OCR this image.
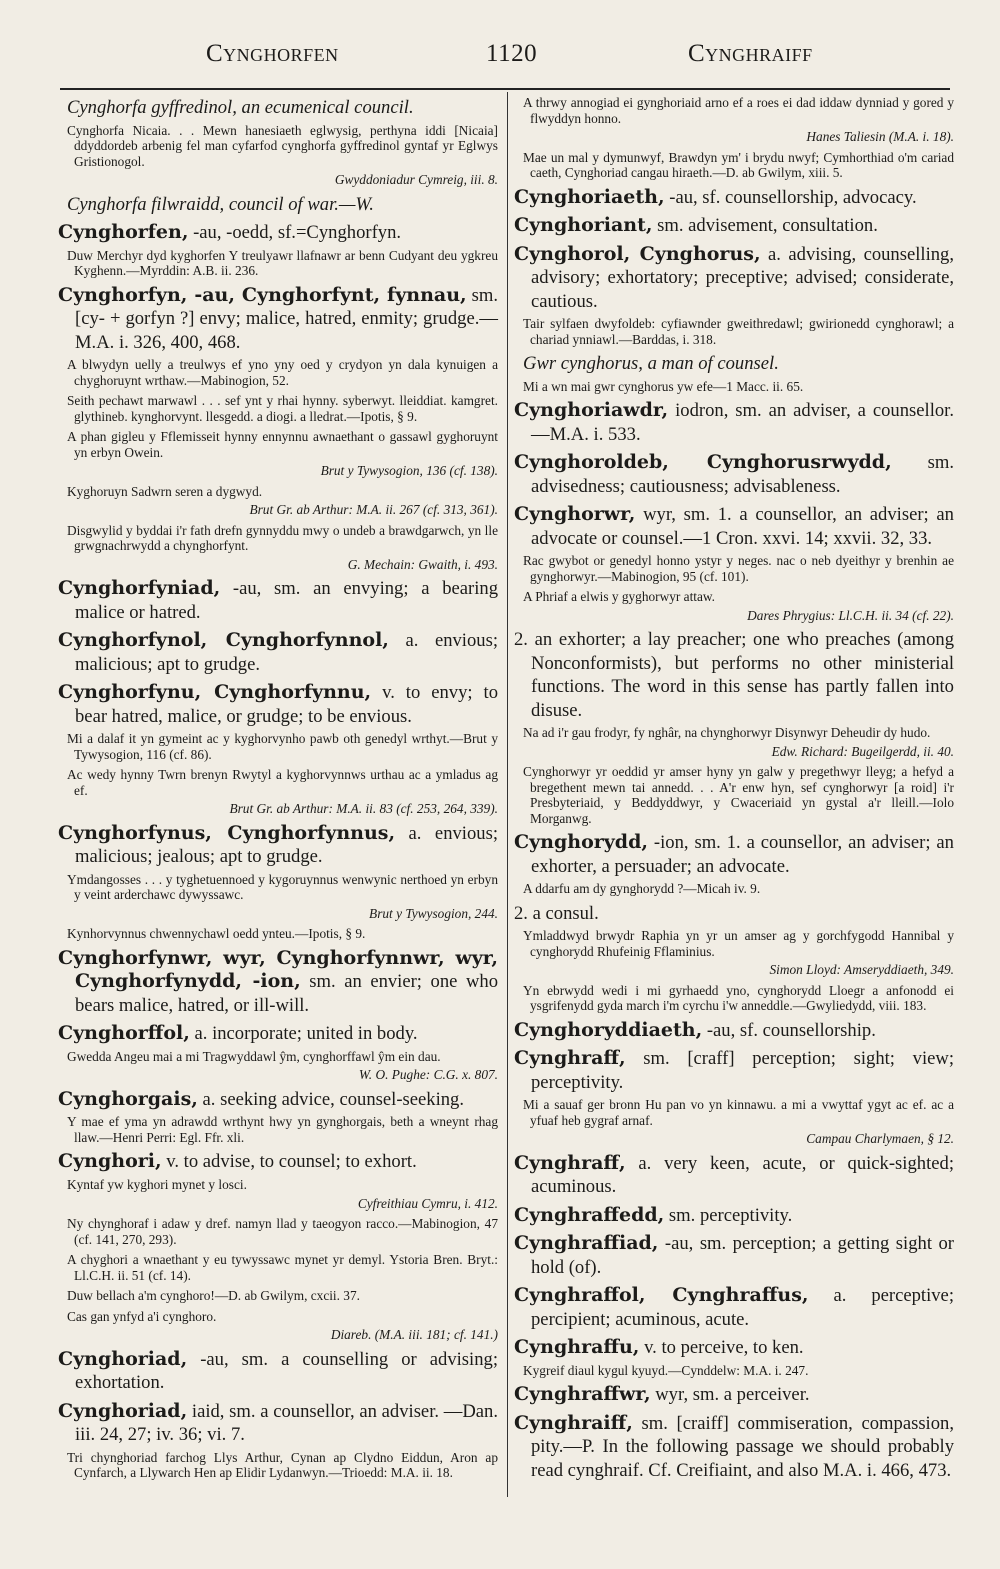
Cynghorfen	1120	Cynghraiff
Cynghorfa gyffredinol, an ecumenical council.
Cynghorfa Nicaia. . . Mewn hanesiaeth eglwysig, perthyna iddi [Nicaia] ddyddordeb arbenig fel man cyfarfod cynghorfa gyffredinol gyntaf yr Eglwys Gristionogol.
Gwyddoniadur Cymreig, iii. 8.
Cynghorfa filwraidd, council of war.—W.
Cynghorfen, -au, -oedd, sf.=Cynghorfyn.
Duw Merchyr dyd kyghorfen Y treulyawr llafnawr ar benn Cudyant deu ygkreu Kyghenn.—Myrddin: A.B. ii. 236.
Cynghorfyn, -au, Cynghorfynt, fynnau, sm. [cy- + gorfyn ?] envy; malice, hatred, enmity; grudge.—M.A. i. 326, 400, 468.
A blwydyn uelly a treulwys ef yno yny oed y crydyon yn dala kynuigen a chyghoruynt wrthaw.—Mabinogion, 52.
Seith pechawt marwawl . . . sef ynt y rhai hynny. syberwyt. lleiddiat. kamgret. glythineb. kynghorvynt. llesgedd. a diogi. a lledrat.—Ipotis, § 9.
A phan gigleu y Fflemisseit hynny ennynnu awnaethant o gassawl gyghoruynt yn erbyn Owein.
Brut y Tywysogion, 136 (cf. 138).
Kyghoruyn Sadwrn seren a dygwyd.
Brut Gr. ab Arthur: M.A. ii. 267 (cf. 313, 361).
Disgwylid y byddai i'r fath drefn gynnyddu mwy o undeb a brawdgarwch, yn lle grwgnachrwydd a chynghorfynt.
G. Mechain: Gwaith, i. 493.
Cynghorfyniad, -au, sm. an envying; a bearing malice or hatred.
Cynghorfynol, Cynghorfynnol, a. envious; malicious; apt to grudge.
Cynghorfynu, Cynghorfynnu, v. to envy; to bear hatred, malice, or grudge; to be envious.
Mi a dalaf it yn gymeint ac y kyghorvynho pawb oth genedyl wrthyt.—Brut y Tywysogion, 116 (cf. 86).
Ac wedy hynny Twrn brenyn Rwytyl a kyghorvynnws urthau ac a ymladus ag ef.
Brut Gr. ab Arthur: M.A. ii. 83 (cf. 253, 264, 339).
Cynghorfynus, Cynghorfynnus, a. envious; malicious; jealous; apt to grudge.
Ymdangosses . . . y tyghetuennoed y kygoruynnus wenwynic nerthoed yn erbyn y veint arderchawc dywyssawc.
Brut y Tywysogion, 244.
Kynhorvynnus chwennychawl oedd ynteu.—Ipotis, § 9.
Cynghorfynwr, wyr, Cynghorfynnwr, wyr, Cynghorfynydd, -ion, sm. an envier; one who bears malice, hatred, or ill-will.
Cynghorffol, a. incorporate; united in body.
Gwedda Angeu mai a mi Tragwyddawl ŷm, cynghorffawl ŷm ein dau.
W. O. Pughe: C.G. x. 807.
Cynghorgais, a. seeking advice, counsel-seeking.
Y mae ef yma yn adrawdd wrthynt hwy yn gynghorgais, beth a wneynt rhag llaw.—Henri Perri: Egl. Ffr. xli.
Cynghori, v. to advise, to counsel; to exhort.
Kyntaf yw kyghori mynet y losci.
Cyfreithiau Cymru, i. 412.
Ny chynghoraf i adaw y dref. namyn llad y taeogyon racco.—Mabinogion, 47 (cf. 141, 270, 293).
A chyghori a wnaethant y eu tywyssawc mynet yr demyl. Ystoria Bren. Bryt.: Ll.C.H. ii. 51 (cf. 14).
Duw bellach a'm cynghoro!—D. ab Gwilym, cxcii. 37.
Cas gan ynfyd a'i cynghoro.
Diareb. (M.A. iii. 181; cf. 141.)
Cynghoriad, -au, sm. a counselling or advising; exhortation.
Cynghoriad, iaid, sm. a counsellor, an adviser. —Dan. iii. 24, 27; iv. 36; vi. 7.
Tri chynghoriad farchog Llys Arthur, Cynan ap Clydno Eiddun, Aron ap Cynfarch, a Llywarch Hen ap Elidir Lydanwyn.—Trioedd: M.A. ii. 18.
A thrwy annogiad ei gynghoriaid arno ef a roes ei dad iddaw dynniad y gored y flwyddyn honno.
Hanes Taliesin (M.A. i. 18).
Mae un mal y dymunwyf, Brawdyn ym' i brydu nwyf; Cymhorthiad o'm cariad caeth, Cynghoriad cangau hiraeth.—D. ab Gwilym, xiii. 5.
Cynghoriaeth, -au, sf. counsellorship, advocacy.
Cynghoriant, sm. advisement, consultation.
Cynghorol, Cynghorus, a. advising, counselling, advisory; exhortatory; preceptive; advised; considerate, cautious.
Tair sylfaen dwyfoldeb: cyfiawnder gweithredawl; gwirionedd cynghorawl; a chariad ynniawl.—Barddas, i. 318.
Gwr cynghorus, a man of counsel.
Mi a wn mai gwr cynghorus yw efe—1 Macc. ii. 65.
Cynghoriawdr, iodron, sm. an adviser, a counsellor.—M.A. i. 533.
Cynghoroldeb, Cynghorusrwydd, sm. advisedness; cautiousness; advisableness.
Cynghorwr, wyr, sm. 1. a counsellor, an adviser; an advocate or counsel.—1 Cron. xxvi. 14; xxvii. 32, 33.
Rac gwybot or genedyl honno ystyr y neges. nac o neb dyeithyr y brenhin ae gynghorwyr.—Mabinogion, 95 (cf. 101).
A Phriaf a elwis y gyghorwyr attaw.
Dares Phrygius: Ll.C.H. ii. 34 (cf. 22).
2. an exhorter; a lay preacher; one who preaches (among Nonconformists), but performs no other ministerial functions. The word in this sense has partly fallen into disuse.
Na ad i'r gau frodyr, fy nghâr, na chynghorwyr Disynwyr Deheudir dy hudo.
Edw. Richard: Bugeilgerdd, ii. 40.
Cynghorwyr yr oeddid yr amser hyny yn galw y pregethwyr lleyg; a hefyd a bregethent mewn tai annedd. . . A'r enw hyn, sef cynghorwyr [a roid] i'r Presbyteriaid, y Beddyddwyr, y Cwaceriaid yn gystal a'r lleill.—Iolo Morganwg.
Cynghorydd, -ion, sm. 1. a counsellor, an adviser; an exhorter, a persuader; an advocate.
A ddarfu am dy gynghorydd ?—Micah iv. 9.
2. a consul.
Ymladdwyd brwydr Raphia yn yr un amser ag y gorchfygodd Hannibal y cynghorydd Rhufeinig Fflaminius.
Simon Lloyd: Amseryddiaeth, 349.
Yn ebrwydd wedi i mi gyrhaedd yno, cynghorydd Lloegr a anfonodd ei ysgrifenydd gyda march i'm cyrchu i'w anneddle.—Gwyliedydd, viii. 183.
Cynghoryddiaeth, -au, sf. counsellorship.
Cynghraff, sm. [craff] perception; sight; view; perceptivity.
Mi a sauaf ger bronn Hu pan vo yn kinnawu. a mi a vwyttaf ygyt ac ef. ac a yfuaf heb gygraf arnaf.
Campau Charlymaen, § 12.
Cynghraff, a. very keen, acute, or quick-sighted; acuminous.
Cynghraffedd, sm. perceptivity.
Cynghraffiad, -au, sm. perception; a getting sight or hold (of).
Cynghraffol, Cynghraffus, a. perceptive; percipient; acuminous, acute.
Cynghraffu, v. to perceive, to ken.
Kygreif diaul kygul kyuyd.—Cynddelw: M.A. i. 247.
Cynghraffwr, wyr, sm. a perceiver.
Cynghraiff, sm. [craiff] commiseration, compassion, pity.—P. In the following passage we should probably read cynghraif. Cf. Creifiaint, and also M.A. i. 466, 473.
